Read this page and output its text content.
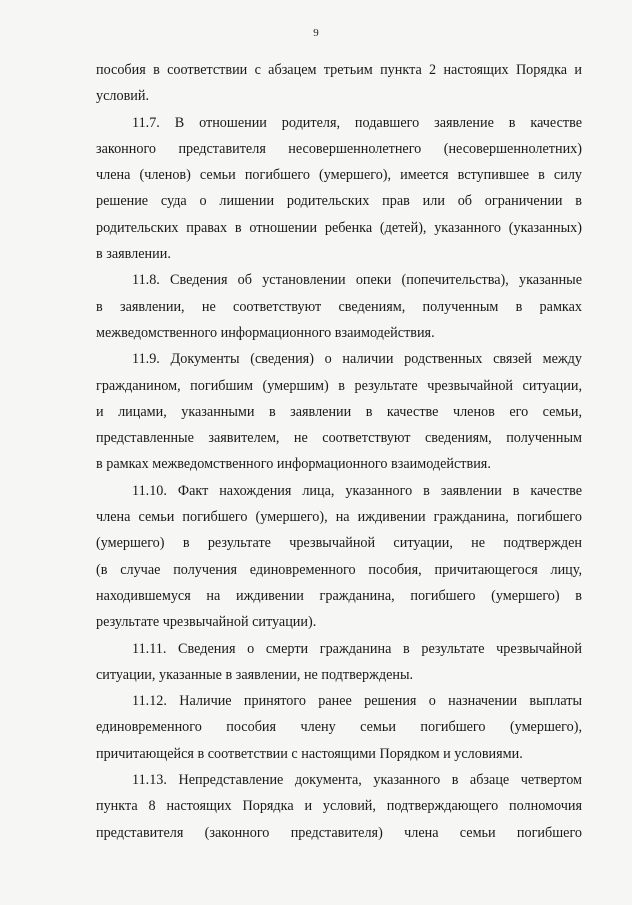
9

пособия в соответствии с абзацем третьим пункта 2 настоящих Порядка и
условий.

11.7. В отношении родителя, подавшего заявление в качестве
законного представителя несовершеннолетнего (несовершеннолетних)
члена (членов) семьи погибшего (умершего), имеется вступившее в силу
решение суда о лишении родительских прав или об ограничении в
родительских правах в отношении ребенка (детей), указанного (указанных)
в заявлении.

11.8. Сведения об установлении опеки (попечительства), указанные
в заявлении, не соответствуют сведениям, полученным в рамках
межведомственного информационного взаимодействия.

11.9. Документы (сведения) о наличии родственных связей между
гражданином, погибшим (умершим) в результате чрезвычайной ситуации,
и лицами, указанными в заявлении в качестве членов его семьи,
представленные заявителем, не соответствуют сведениям, полученным
в рамках межведомственного информационного взаимодействия.

11.10. Факт нахождения лица, указанного в заявлении в качестве
члена семьи погибшего (умершего), на иждивении гражданина, погибшего
(умершего) в результате чрезвычайной ситуации, не подтвержден
(в случае получения единовременного пособия, причитающегося лицу,
находившемуся на иждивении гражданина, погибшего (умершего) в
результате чрезвычайной ситуации).

11.11. Сведения о смерти гражданина в результате чрезвычайной
ситуации, указанные в заявлении, не подтверждены.

11.12. Наличие принятого ранее решения о назначении выплаты
единовременного пособия члену семьи погибшего (умершего),
причитающейся в соответствии с настоящими Порядком и условиями.

11.13. Непредставление документа, указанного в абзаце четвертом
пункта 8 настоящих Порядка и условий, подтверждающего полномочия
представителя (законного представителя) члена семьи погибшего
